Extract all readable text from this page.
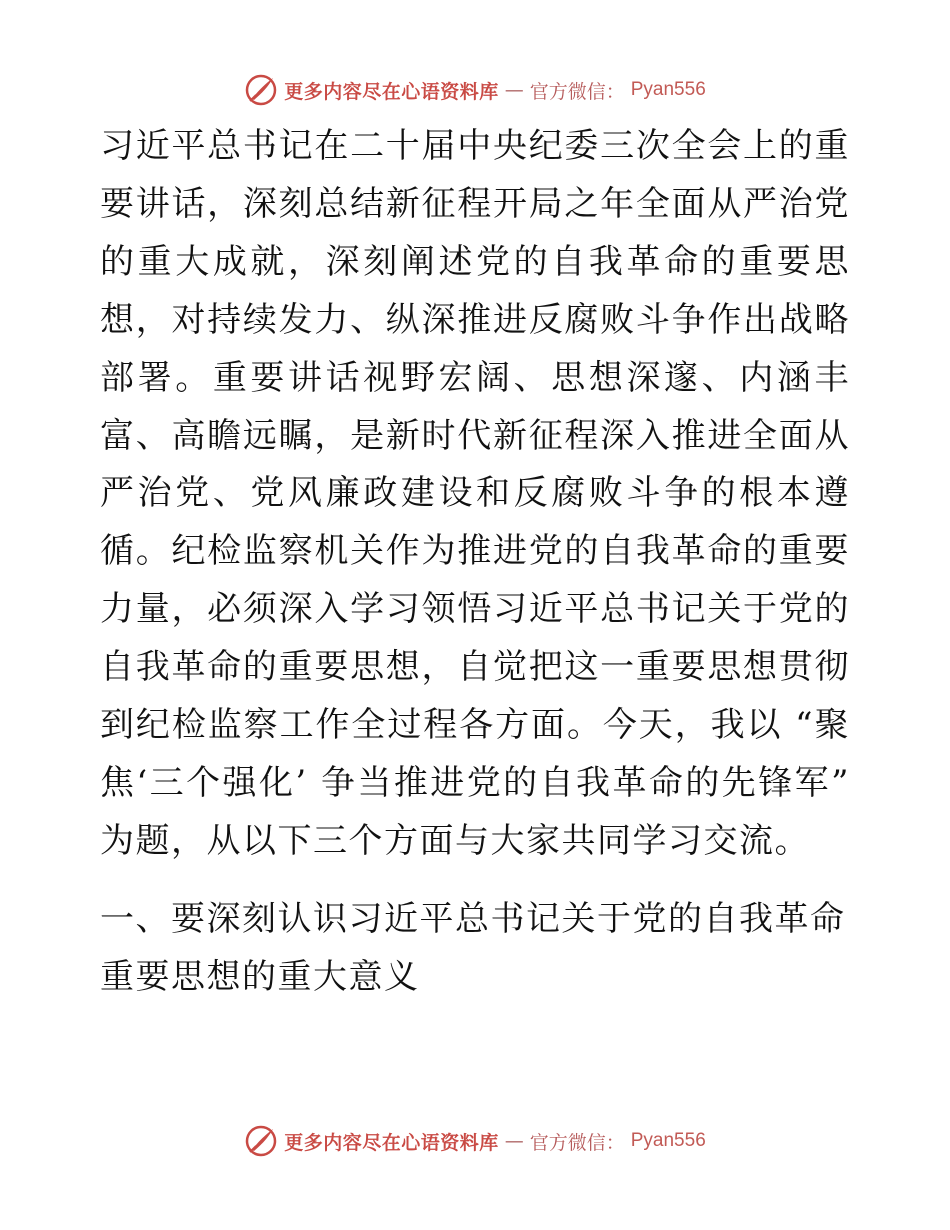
更多内容尽在心语资料库 — 官方微信： Pyan556

习近平总书记在二十届中央纪委三次全会上的重要讲话，深刻总结新征程开局之年全面从严治党的重大成就，深刻阐述党的自我革命的重要思想，对持续发力、纵深推进反腐败斗争作出战略部署。重要讲话视野宏阔、思想深邃、内涵丰富、高瞻远瞩，是新时代新征程深入推进全面从严治党、党风廉政建设和反腐败斗争的根本遵循。纪检监察机关作为推进党的自我革命的重要力量，必须深入学习领悟习近平总书记关于党的自我革命的重要思想，自觉把这一重要思想贯彻到纪检监察工作全过程各方面。今天，我以 “聚焦‘三个强化’ 争当推进党的自我革命的先锋军” 为题，从以下三个方面与大家共同学习交流。

一、要深刻认识习近平总书记关于党的自我革命重要思想的重大意义

更多内容尽在心语资料库 — 官方微信： Pyan556
